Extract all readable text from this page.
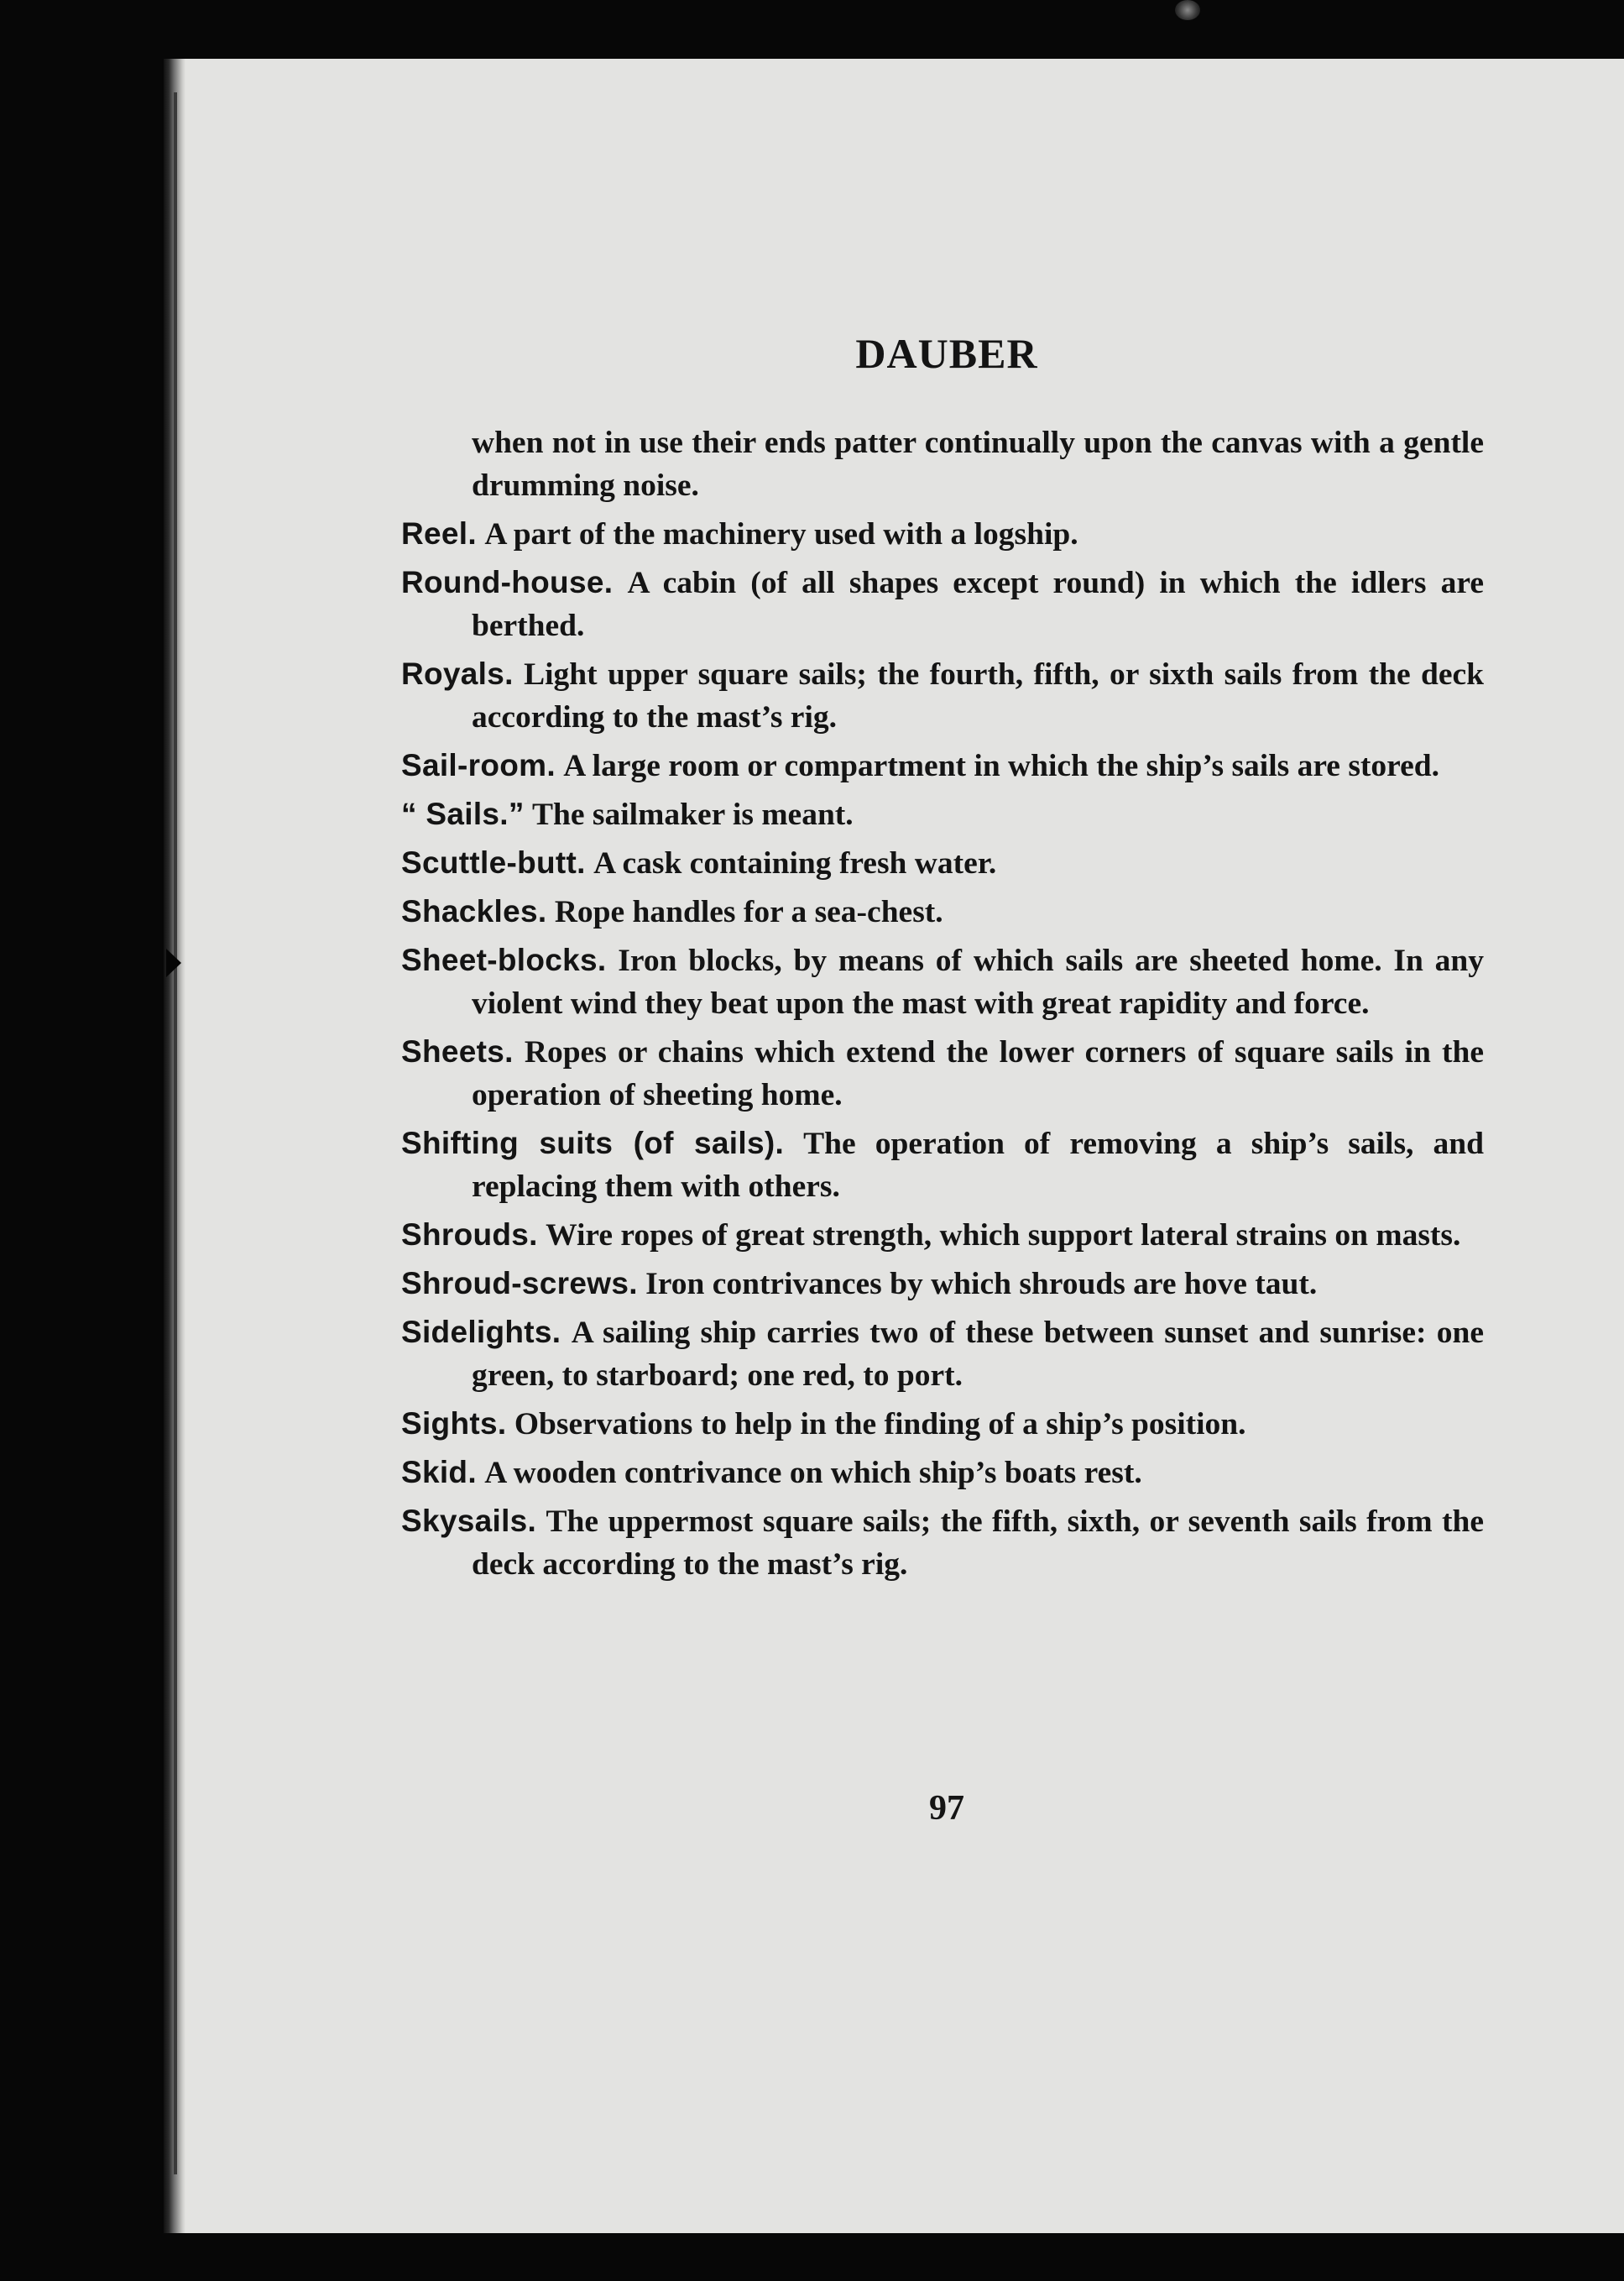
DAUBER
when not in use their ends patter continually upon the canvas with a gentle drumming noise.
Reel. A part of the machinery used with a logship.
Round-house. A cabin (of all shapes except round) in which the idlers are berthed.
Royals. Light upper square sails; the fourth, fifth, or sixth sails from the deck according to the mast’s rig.
Sail-room. A large room or compartment in which the ship’s sails are stored.
“ Sails.” The sailmaker is meant.
Scuttle-butt. A cask containing fresh water.
Shackles. Rope handles for a sea-chest.
Sheet-blocks. Iron blocks, by means of which sails are sheeted home. In any violent wind they beat upon the mast with great rapidity and force.
Sheets. Ropes or chains which extend the lower corners of square sails in the operation of sheeting home.
Shifting suits (of sails). The operation of removing a ship’s sails, and replacing them with others.
Shrouds. Wire ropes of great strength, which support lateral strains on masts.
Shroud-screws. Iron contrivances by which shrouds are hove taut.
Sidelights. A sailing ship carries two of these between sunset and sunrise: one green, to starboard; one red, to port.
Sights. Observations to help in the finding of a ship’s position.
Skid. A wooden contrivance on which ship’s boats rest.
Skysails. The uppermost square sails; the fifth, sixth, or seventh sails from the deck according to the mast’s rig.
97
